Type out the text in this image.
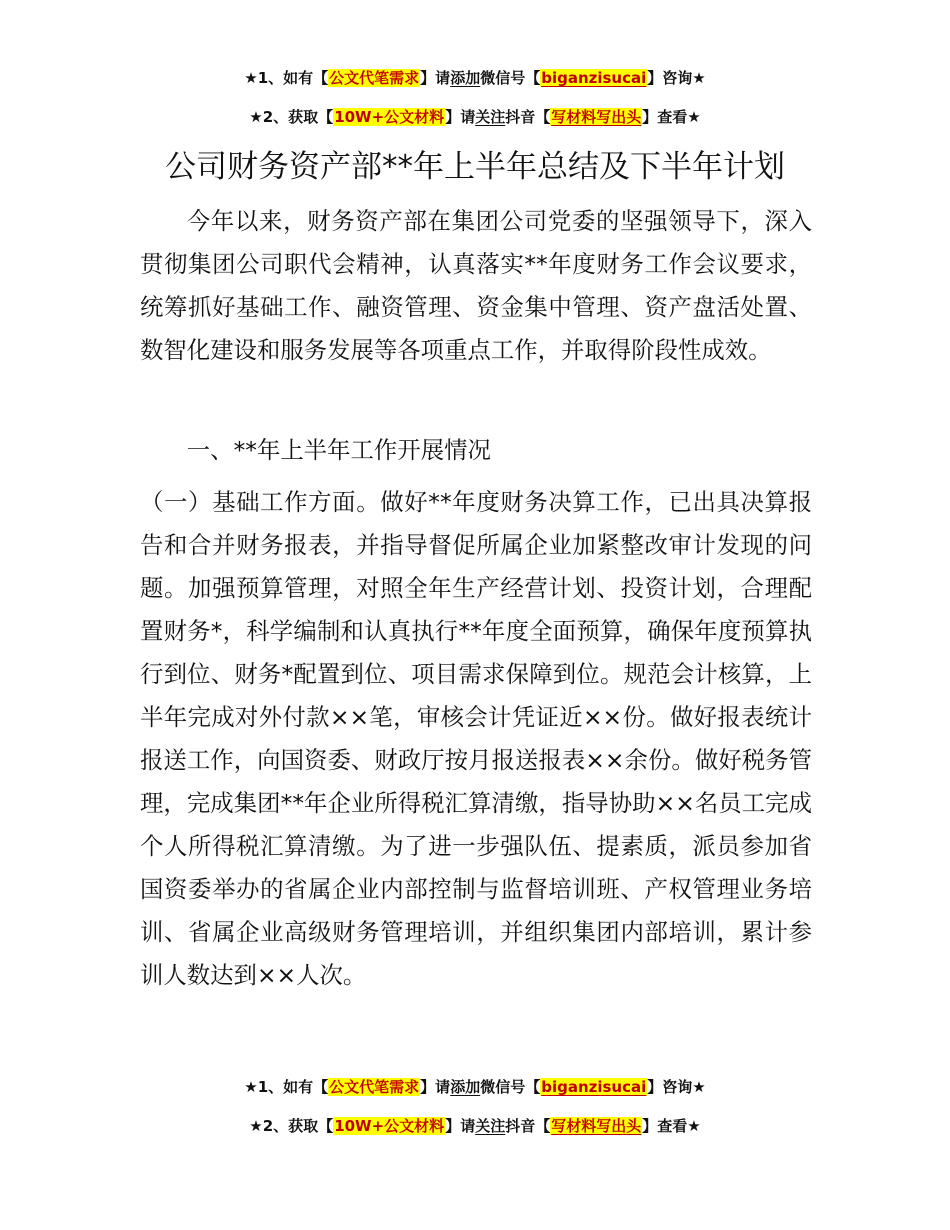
★1、如有【公文代笔需求】请添加微信号【biganzisucai】咨询★
★2、获取【10W+公文材料】请关注抖音【写材料写出头】查看★
公司财务资产部**年上半年总结及下半年计划

今年以来，财务资产部在集团公司党委的坚强领导下，深入贯彻集团公司职代会精神，认真落实**年度财务工作会议要求，统筹抓好基础工作、融资管理、资金集中管理、资产盘活处置、数智化建设和服务发展等各项重点工作，并取得阶段性成效。

一、**年上半年工作开展情况

（一）基础工作方面。做好**年度财务决算工作，已出具决算报告和合并财务报表，并指导督促所属企业加紧整改审计发现的问题。加强预算管理，对照全年生产经营计划、投资计划，合理配置财务*，科学编制和认真执行**年度全面预算，确保年度预算执行到位、财务*配置到位、项目需求保障到位。规范会计核算，上半年完成对外付款××笔，审核会计凭证近××份。做好报表统计报送工作，向国资委、财政厅按月报送报表××余份。做好税务管理，完成集团**年企业所得税汇算清缴，指导协助××名员工完成个人所得税汇算清缴。为了进一步强队伍、提素质，派员参加省国资委举办的省属企业内部控制与监督培训班、产权管理业务培训、省属企业高级财务管理培训，并组织集团内部培训，累计参训人数达到××人次。

★1、如有【公文代笔需求】请添加微信号【biganzisucai】咨询★
★2、获取【10W+公文材料】请关注抖音【写材料写出头】查看★
